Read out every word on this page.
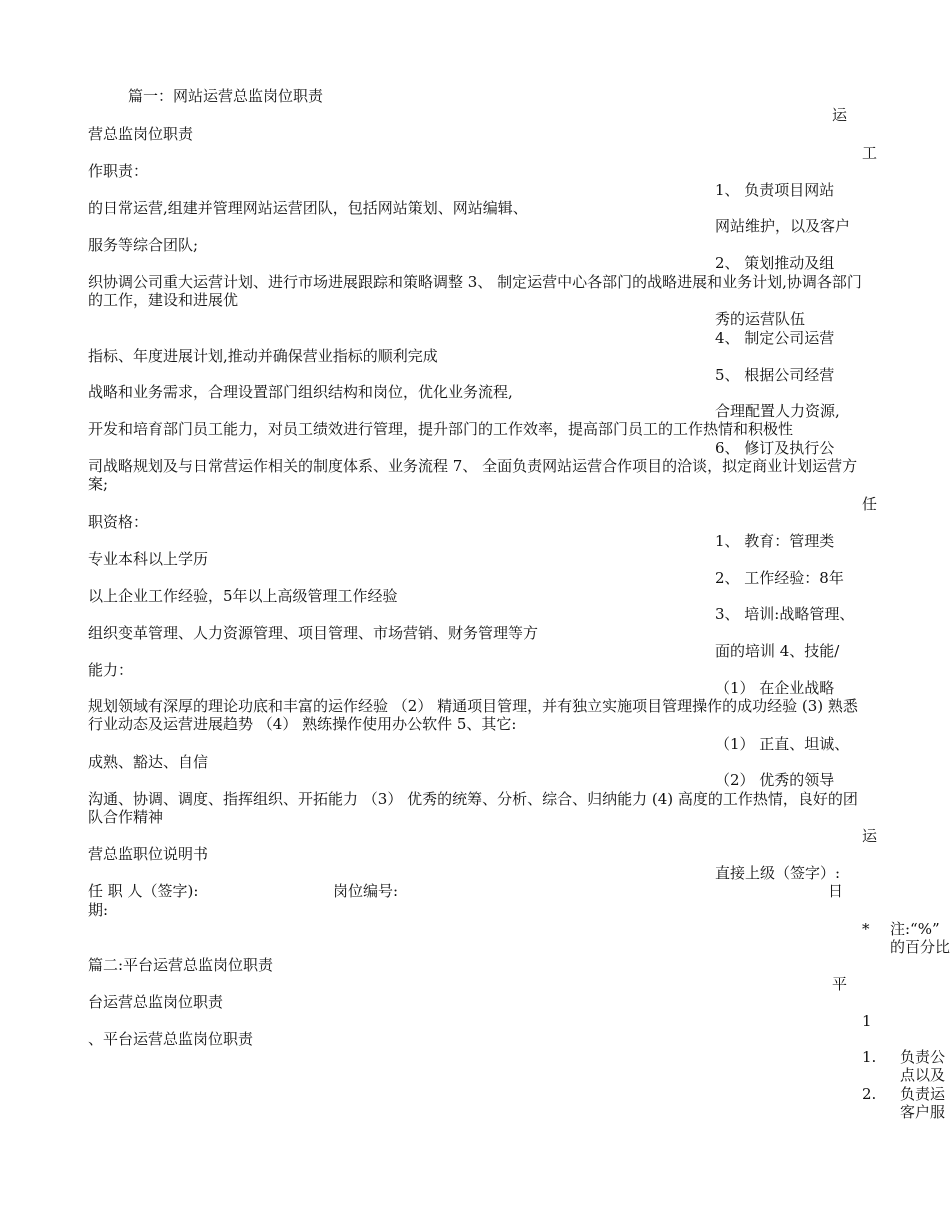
篇一：网站运营总监岗位职责
运
营总监岗位职责
工
作职责：
1、 负责项目网站
的日常运营,组建并管理网站运营团队，包括网站策划、网站编辑、
网站维护，以及客户
服务等综合团队;
2、 策划推动及组
织协调公司重大运营计划、进行市场进展跟踪和策略调整 3、 制定运营中心各部门的战略进展和业务计划,协调各部门的工作，建设和进展优
秀的运营队伍
4、 制定公司运营
指标、年度进展计划,推动并确保营业指标的顺利完成
5、 根据公司经营
战略和业务需求，合理设置部门组织结构和岗位，优化业务流程,
合理配置人力资源,
开发和培育部门员工能力，对员工绩效进行管理，提升部门的工作效率，提高部门员工的工作热情和积极性
6、 修订及执行公
司战略规划及与日常营运作相关的制度体系、业务流程 7、 全面负责网站运营合作项目的洽谈，拟定商业计划运营方案;
任
职资格：
1、 教育：管理类
专业本科以上学历
2、 工作经验：8年
以上企业工作经验，5年以上高级管理工作经验
3、 培训:战略管理、
组织变革管理、人力资源管理、项目管理、市场营销、财务管理等方
面的培训 4、技能/
能力：
（1） 在企业战略
规划领域有深厚的理论功底和丰富的运作经验 （2） 精通项目管理，并有独立实施项目管理操作的成功经验 (3) 熟悉行业动态及运营进展趋势 （4） 熟练操作使用办公软件 5、其它:
（1） 正直、坦诚、
成熟、豁达、自信
（2） 优秀的领导
沟通、协调、调度、指挥组织、开拓能力 （3） 优秀的统筹、分析、综合、归纳能力 (4) 高度的工作热情，良好的团队合作精神
运
营总监职位说明书
直接上级（签字）:
任 职 人（签字):	岗位编号:	日
期:
* 注:“%”
的百分比
篇二:平台运营总监岗位职责
平
台运营总监岗位职责
1
、平台运营总监岗位职责
1. 负责公
点以及
2. 负责运
客户服
